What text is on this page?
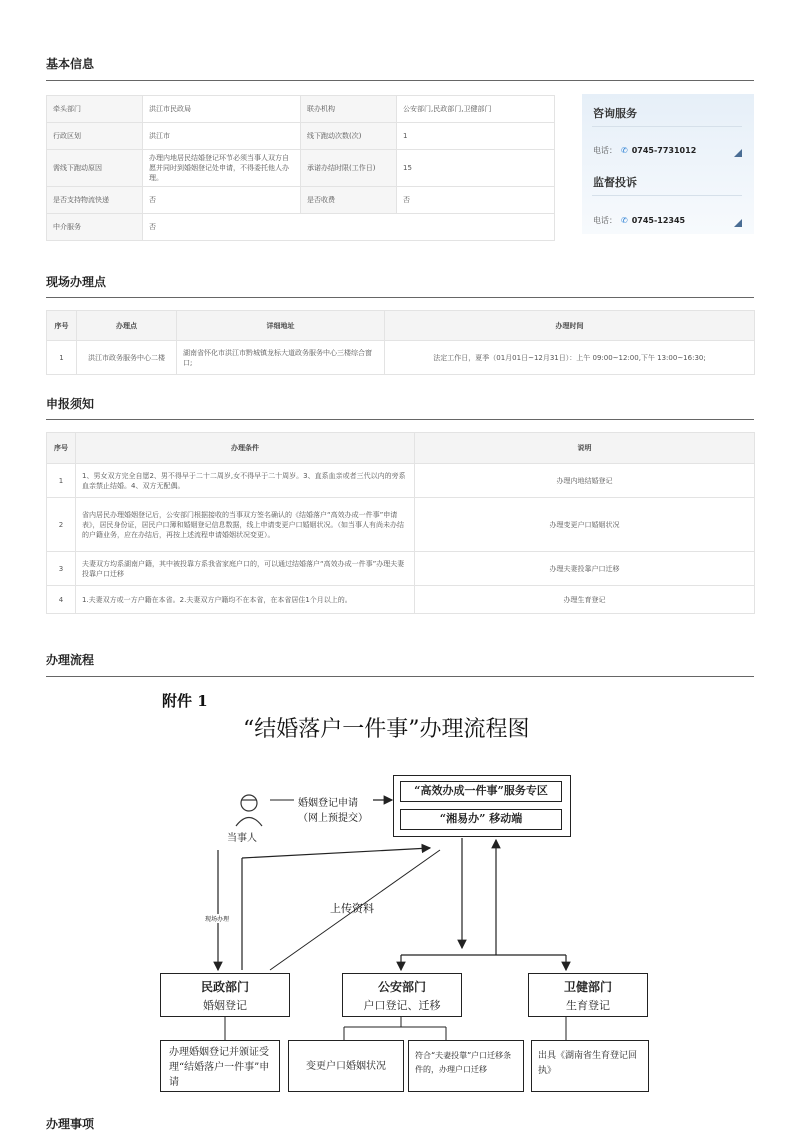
基本信息
牵头部门	洪江市民政局	联办机构	公安部门,民政部门,卫健部门
行政区划	洪江市	线下跑动次数(次)	1
需线下跑动原因	办理内地居民结婚登记环节必须当事人双方自愿并同时到婚姻登记处申请，不得委托他人办理。	承诺办结时限(工作日)	15
是否支持物流快递	否	是否收费	否
中介服务	否		
咨询服务
电话： ✆ 0745-7731012
监督投诉
电话： ✆ 0745-12345
现场办理点
序号	办理点	详细地址	办理时间
1	洪江市政务服务中心二楼	湖南省怀化市洪江市黔城镇龙标大道政务服务中心三楼综合窗口;	法定工作日，夏季（01月01日~12月31日）：上午 09:00~12:00,下午 13:00~16:30;
申报须知
序号	办理条件	说明
1	1、男女双方完全自愿2、男不得早于二十二周岁,女不得早于二十周岁。3、直系血亲或者三代以内的旁系血亲禁止结婚。4、双方无配偶。	办理内地结婚登记
2	省内居民办理婚姻登记后，公安部门根据接收的当事双方签名确认的《结婚落户“高效办成一件事”申请表》，居民身份证，居民户口簿和婚姻登记信息数据，线上申请变更户口婚姻状况。（如当事人有尚未办结的户籍业务，应在办结后，再按上述流程申请婚姻状况变更）。	办理变更户口婚姻状况
3	夫妻双方均系湖南户籍，其中被投靠方系我省家庭户口的，可以通过结婚落户“高效办成一件事”办理夫妻投靠户口迁移	办理夫妻投靠户口迁移
4	1.夫妻双方或一方户籍在本省。2.夫妻双方户籍均不在本省，在本省居住1个月以上的。	办理生育登记
办理流程
附件 1
“结婚落户一件事”办理流程图
当事人
婚姻登记申请
（网上预提交）
“高效办成一件事”服务专区
“湘易办” 移动端
上传资料
现场办理
民政部门
婚姻登记
公安部门
户口登记、迁移
卫健部门
生育登记
办理婚姻登记并颁证受理“结婚落户一件事”申请
变更户口婚姻状况
符合“夫妻投靠”户口迁移条件的，办理户口迁移
出具《湖南省生育登记回执》
办理事项
